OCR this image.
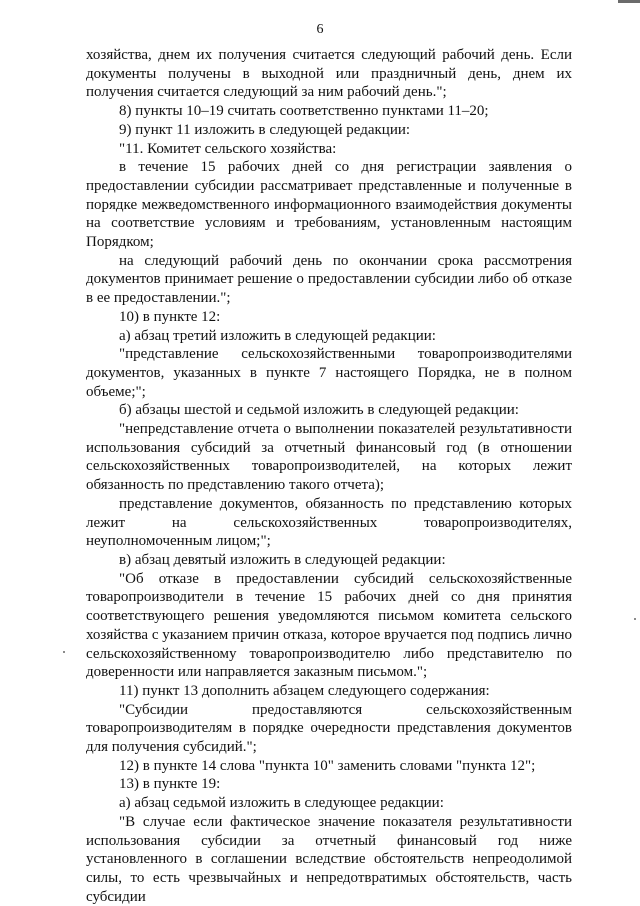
6

хозяйства, днем их получения считается следующий рабочий день. Если документы получены в выходной или праздничный день, днем их получения считается следующий за ним рабочий день.";

8) пункты 10–19 считать соответственно пунктами 11–20;

9) пункт 11 изложить в следующей редакции:

"11. Комитет сельского хозяйства:

в течение 15 рабочих дней со дня регистрации заявления о предоставлении субсидии рассматривает представленные и полученные в порядке межведомственного информационного взаимодействия документы на соответствие условиям и требованиям, установленным настоящим Порядком;

на следующий рабочий день по окончании срока рассмотрения документов принимает решение о предоставлении субсидии либо об отказе в ее предоставлении.";

10) в пункте 12:

а) абзац третий изложить в следующей редакции:

"представление сельскохозяйственными товаропроизводителями документов, указанных в пункте 7 настоящего Порядка, не в полном объеме;";

б) абзацы шестой и седьмой изложить в следующей редакции:

"непредставление отчета о выполнении показателей результативности использования субсидий за отчетный финансовый год (в отношении сельскохозяйственных товаропроизводителей, на которых лежит обязанность по представлению такого отчета);

представление документов, обязанность по представлению которых лежит на сельскохозяйственных товаропроизводителях, неуполномоченным лицом;";

в) абзац девятый изложить в следующей редакции:

"Об отказе в предоставлении субсидий сельскохозяйственные товаропроизводители в течение 15 рабочих дней со дня принятия соответствующего решения уведомляются письмом комитета сельского хозяйства с указанием причин отказа, которое вручается под подпись лично сельскохозяйственному товаропроизводителю либо представителю по доверенности или направляется заказным письмом.";

11) пункт 13 дополнить абзацем следующего содержания:

"Субсидии предоставляются сельскохозяйственным товаропроизводителям в порядке очередности представления документов для получения субсидий.";

12) в пункте 14 слова "пункта 10" заменить словами "пункта 12";

13) в пункте 19:

а) абзац седьмой изложить в следующее редакции:

"В случае если фактическое значение показателя результативности использования субсидии за отчетный финансовый год ниже установленного в соглашении вследствие обстоятельств непреодолимой силы, то есть чрезвычайных и непредотвратимых обстоятельств, часть субсидии
